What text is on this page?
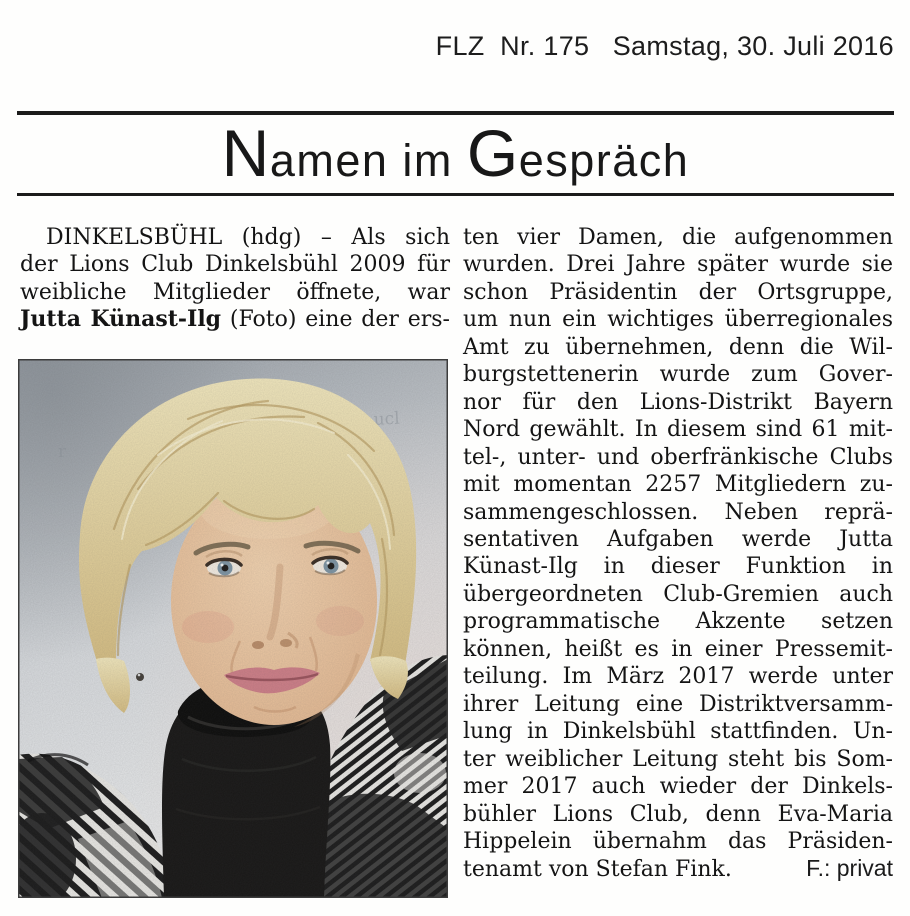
FLZ  Nr. 175   Samstag, 30. Juli 2016
Namen im Gespräch
DINKELSBÜHL (hdg) – Als sich
der Lions Club Dinkelsbühl 2009 für
weibliche Mitglieder öffnete, war
Jutta Künast-Ilg (Foto) eine der ers-
ten vier Damen, die aufgenommen
wurden. Drei Jahre später wurde sie
schon Präsidentin der Ortsgruppe,
um nun ein wichtiges überregionales
Amt zu übernehmen, denn die Wil-
burgstettenerin wurde zum Gover-
nor für den Lions-Distrikt Bayern
Nord gewählt. In diesem sind 61 mit-
tel-, unter- und oberfränkische Clubs
mit momentan 2257 Mitgliedern zu-
sammengeschlossen. Neben reprä-
sentativen Aufgaben werde Jutta
Künast-Ilg in dieser Funktion in
übergeordneten Club-Gremien auch
programmatische Akzente setzen
können, heißt es in einer Pressemit-
teilung. Im März 2017 werde unter
ihrer Leitung eine Distriktversamm-
lung in Dinkelsbühl stattfinden. Un-
ter weiblicher Leitung steht bis Som-
mer 2017 auch wieder der Dinkels-
bühler Lions Club, denn Eva-Maria
Hippelein übernahm das Präsiden-
tenamt von Stefan Fink.	F.: privat
